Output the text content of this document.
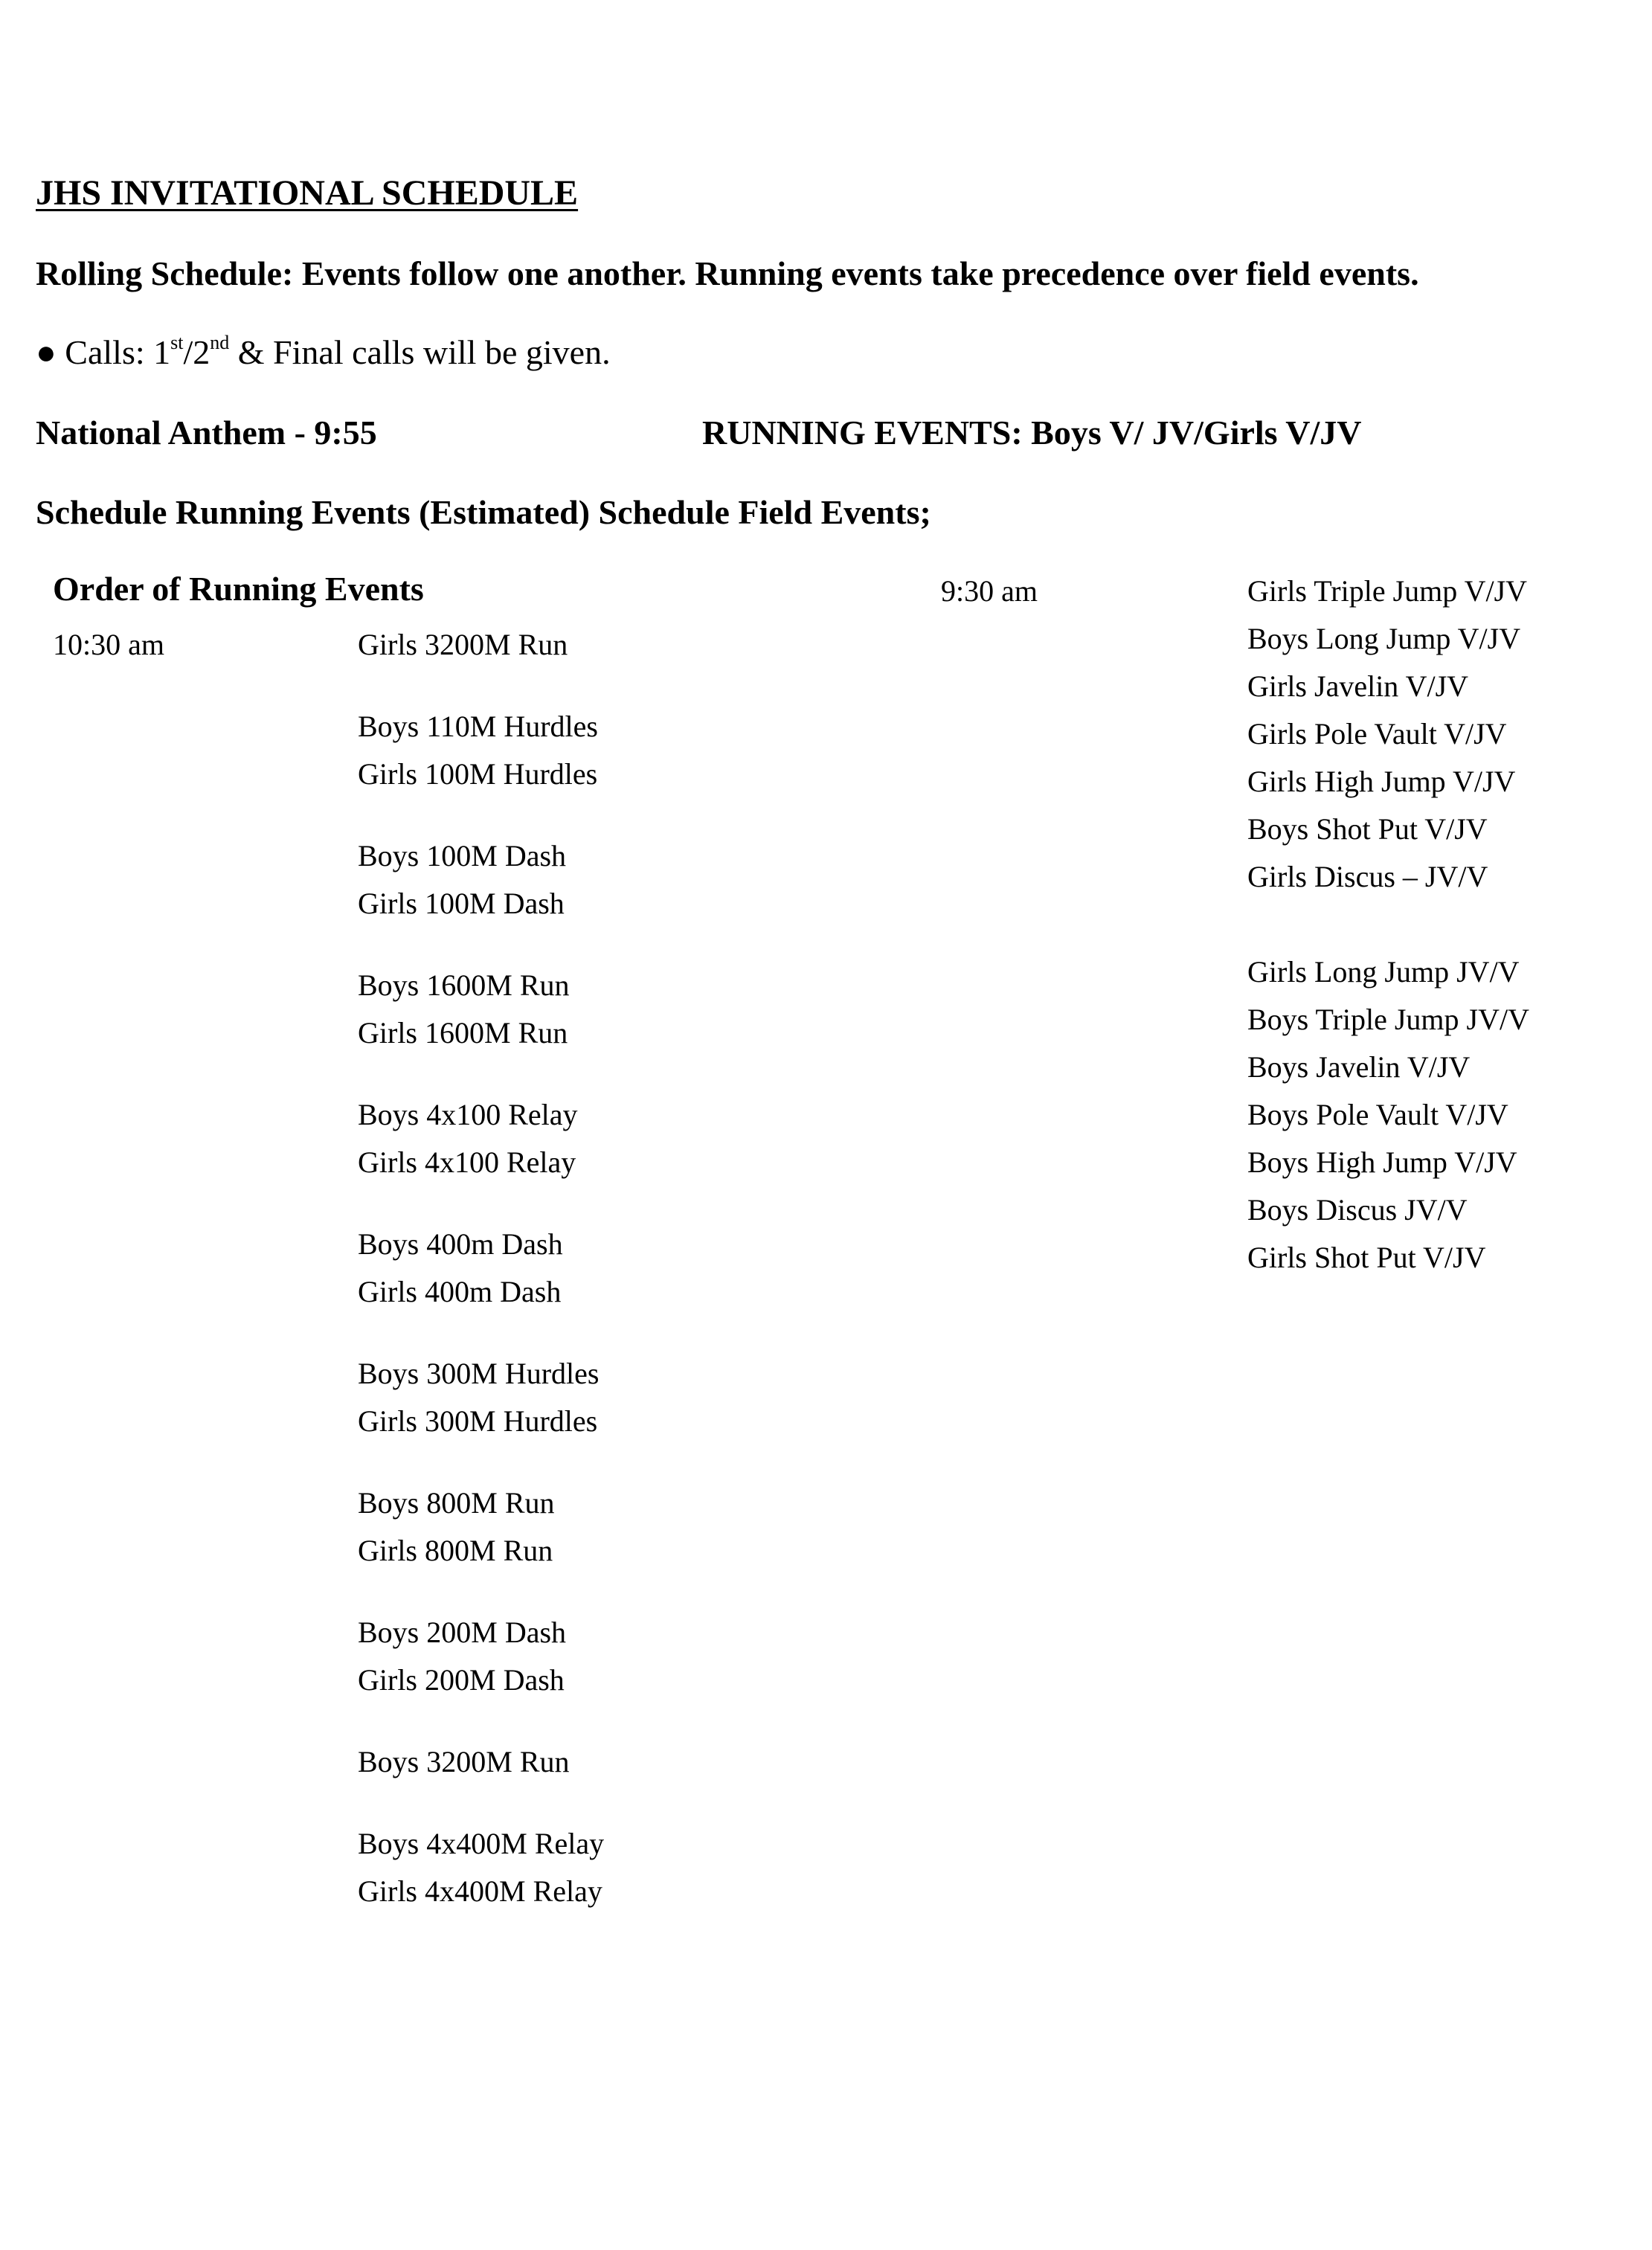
JHS INVITATIONAL SCHEDULE
Rolling Schedule: Events follow one another. Running events take precedence over field events.
● Calls: 1st/2nd & Final calls will be given.
National Anthem - 9:55	RUNNING EVENTS: Boys V/ JV/Girls V/JV
Schedule Running Events (Estimated) Schedule Field Events;
Order of Running Events
10:30 am	Girls 3200M Run
Boys 110M Hurdles
Girls 100M Hurdles
Boys 100M Dash
Girls 100M Dash
Boys 1600M Run
Girls 1600M Run
Boys 4x100 Relay
Girls 4x100 Relay
Boys 400m Dash
Girls 400m Dash
Boys 300M Hurdles
Girls 300M Hurdles
Boys 800M Run
Girls 800M Run
Boys 200M Dash
Girls 200M Dash
Boys 3200M Run
Boys 4x400M Relay
Girls 4x400M Relay
9:30 am	Girls Triple Jump V/JV
Boys Long Jump V/JV
Girls Javelin V/JV
Girls Pole Vault V/JV
Girls High Jump V/JV
Boys Shot Put V/JV
Girls Discus – JV/V
Girls Long Jump JV/V
Boys Triple Jump JV/V
Boys Javelin V/JV
Boys Pole Vault V/JV
Boys High Jump V/JV
Boys Discus JV/V
Girls Shot Put V/JV
